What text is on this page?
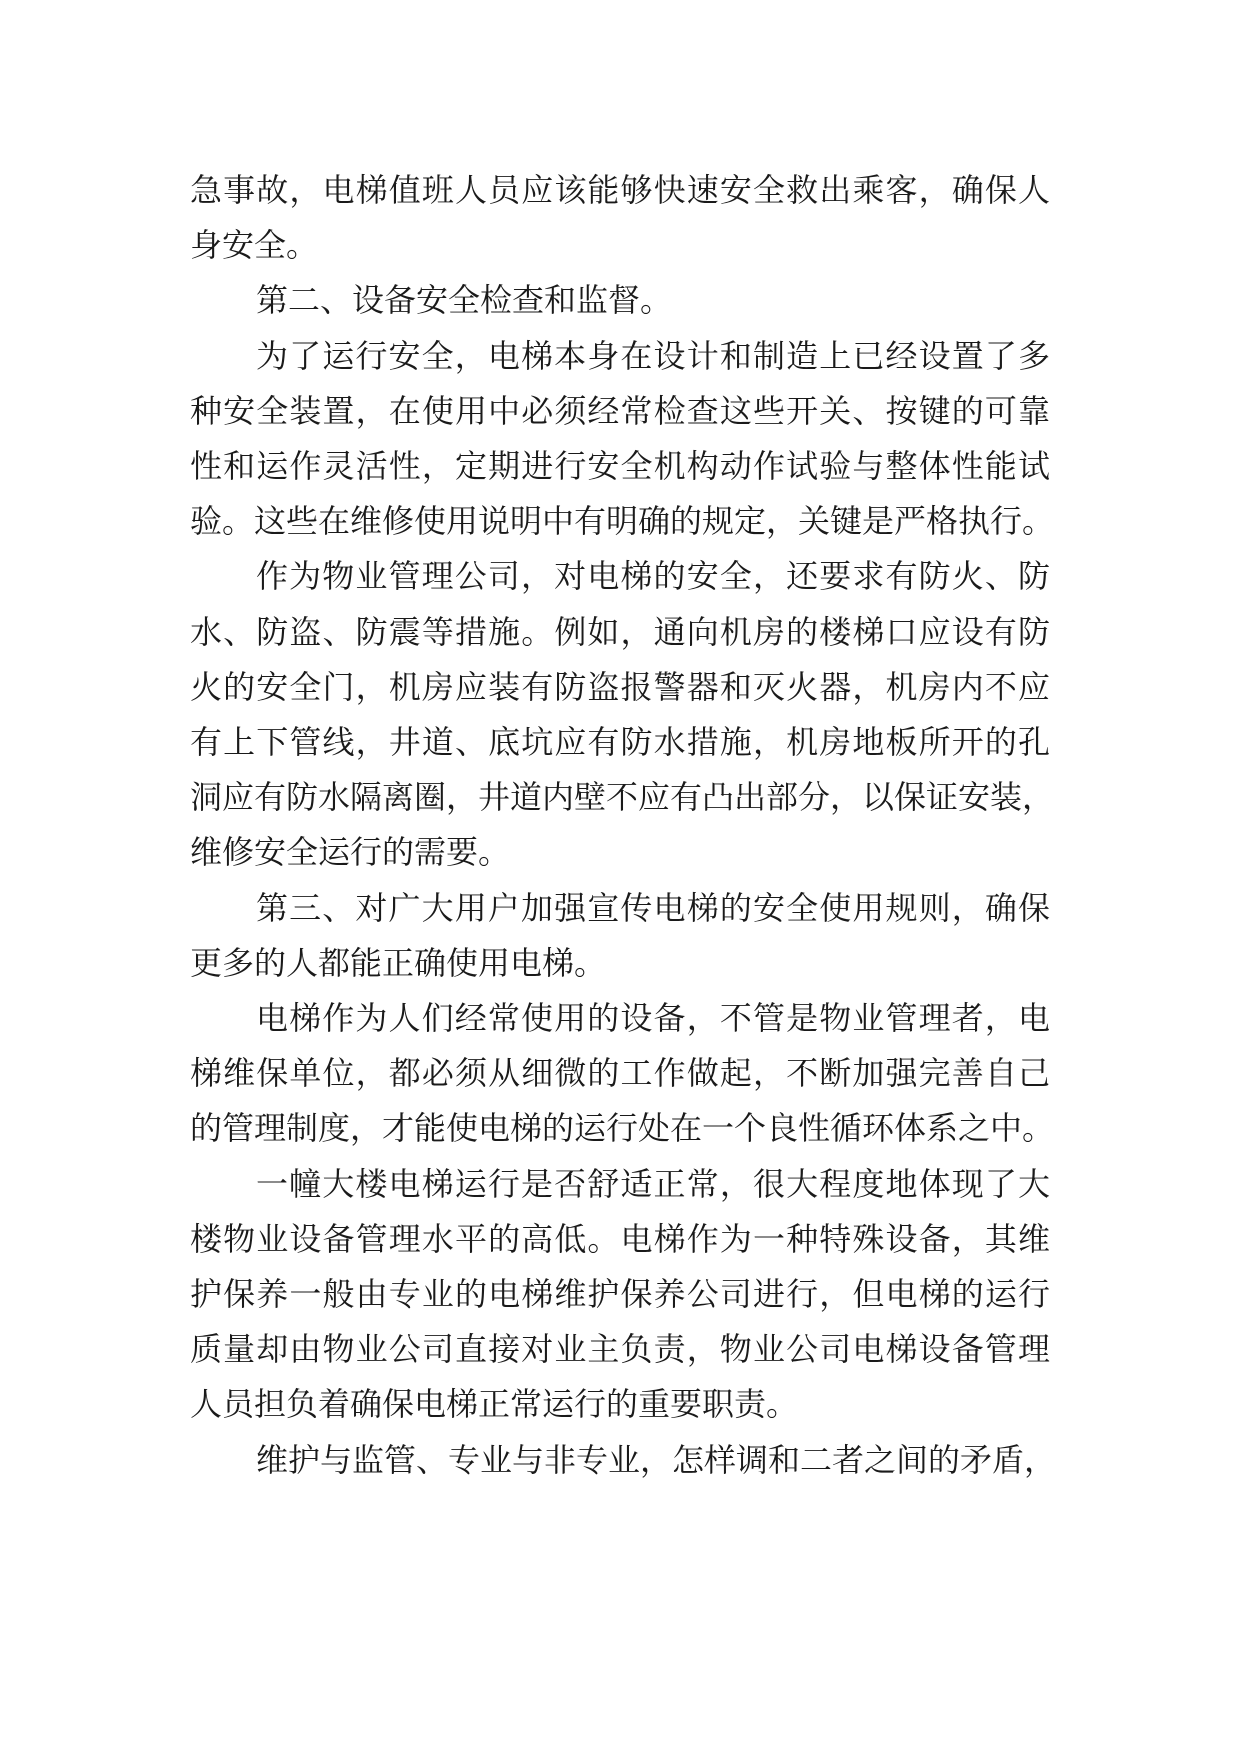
急事故，电梯值班人员应该能够快速安全救出乘客，确保人
身安全。
第二、设备安全检查和监督。
为了运行安全，电梯本身在设计和制造上已经设置了多
种安全装置，在使用中必须经常检查这些开关、按键的可靠
性和运作灵活性，定期进行安全机构动作试验与整体性能试
验。这些在维修使用说明中有明确的规定，关键是严格执行。
作为物业管理公司，对电梯的安全，还要求有防火、防
水、防盗、防震等措施。例如，通向机房的楼梯口应设有防
火的安全门，机房应装有防盗报警器和灭火器，机房内不应
有上下管线，井道、底坑应有防水措施，机房地板所开的孔
洞应有防水隔离圈，井道内壁不应有凸出部分，以保证安装，
维修安全运行的需要。
第三、对广大用户加强宣传电梯的安全使用规则，确保
更多的人都能正确使用电梯。
电梯作为人们经常使用的设备，不管是物业管理者，电
梯维保单位，都必须从细微的工作做起，不断加强完善自己
的管理制度，才能使电梯的运行处在一个良性循环体系之中。
一幢大楼电梯运行是否舒适正常，很大程度地体现了大
楼物业设备管理水平的高低。电梯作为一种特殊设备，其维
护保养一般由专业的电梯维护保养公司进行，但电梯的运行
质量却由物业公司直接对业主负责，物业公司电梯设备管理
人员担负着确保电梯正常运行的重要职责。
维护与监管、专业与非专业，怎样调和二者之间的矛盾，
